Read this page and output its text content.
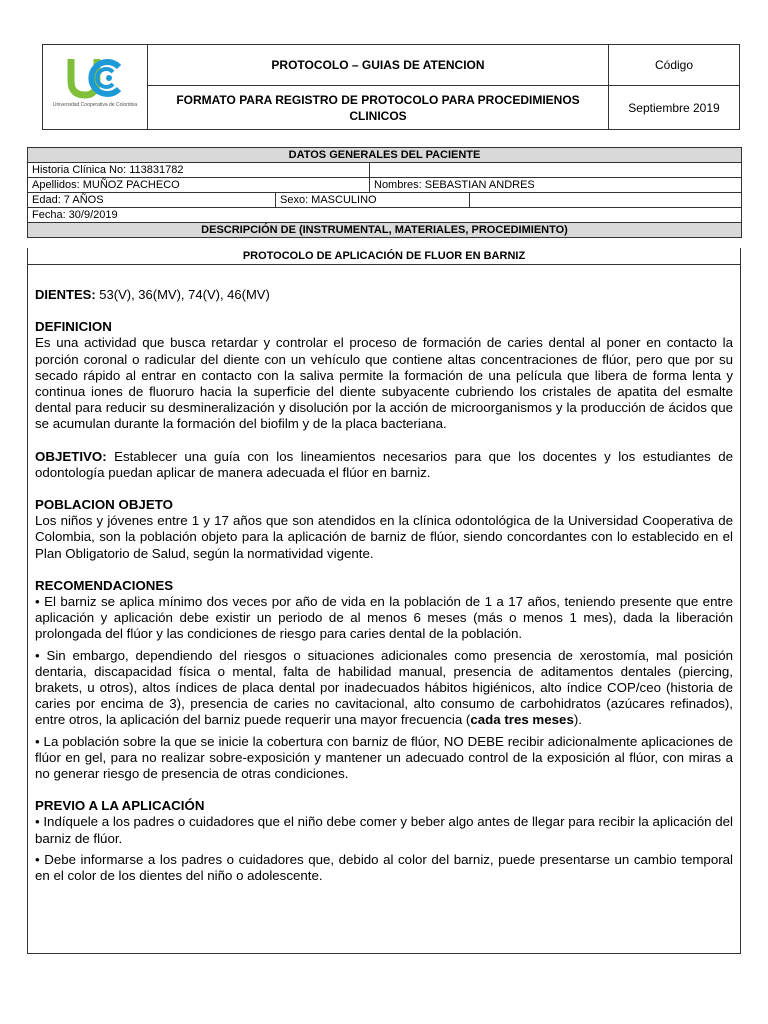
Universidad Cooperativa de Colombia	PROTOCOLO – GUIAS DE ATENCION	Código
	FORMATO PARA REGISTRO DE PROTOCOLO PARA PROCEDIMIENOS CLINICOS	Septiembre 2019
DATOS GENERALES DEL PACIENTE			
Historia Clínica No: 113831782			
Apellidos: MUÑOZ PACHECO		Nombres: SEBASTIAN ANDRES	
Edad: 7 AÑOS	Sexo: MASCULINO		
Fecha: 30/9/2019			
DESCRIPCIÓN DE (INSTRUMENTAL, MATERIALES, PROCEDIMIENTO)			
PROTOCOLO DE APLICACIÓN DE FLUOR EN BARNIZ

DIENTES: 53(V), 36(MV), 74(V), 46(MV)

DEFINICION

Es una actividad que busca retardar y controlar el proceso de formación de caries dental al poner en contacto la porción coronal o radicular del diente con un vehículo que contiene altas concentraciones de flúor, pero que por su secado rápido al entrar en contacto con la saliva permite la formación de una película que libera de forma lenta y continua iones de fluoruro hacia la superficie del diente subyacente cubriendo los cristales de apatita del esmalte dental para reducir su desmineralización y disolución por la acción de microorganismos y la producción de ácidos que se acumulan durante la formación del biofilm y de la placa bacteriana.

OBJETIVO: Establecer una guía con los lineamientos necesarios para que los docentes y los estudiantes de odontología puedan aplicar de manera adecuada el flúor en barniz.

POBLACION OBJETO

Los niños y jóvenes entre 1 y 17 años que son atendidos en la clínica odontológica de la Universidad Cooperativa de Colombia, son la población objeto para la aplicación de barniz de flúor, siendo concordantes con lo establecido en el Plan Obligatorio de Salud, según la normatividad vigente.

RECOMENDACIONES

• El barniz se aplica mínimo dos veces por año de vida en la población de 1 a 17 años, teniendo presente que entre aplicación y aplicación debe existir un periodo de al menos 6 meses (más o menos 1 mes), dada la liberación prolongada del flúor y las condiciones de riesgo para caries dental de la población.

• Sin embargo, dependiendo del riesgos o situaciones adicionales como presencia de xerostomía, mal posición dentaria, discapacidad física o mental, falta de habilidad manual, presencia de aditamentos dentales (piercing, brakets, u otros), altos índices de placa dental por inadecuados hábitos higiénicos, alto índice COP/ceo (historia de caries por encima de 3), presencia de caries no cavitacional, alto consumo de carbohidratos (azúcares refinados), entre otros, la aplicación del barniz puede requerir una mayor frecuencia (cada tres meses).

• La población sobre la que se inicie la cobertura con barniz de flúor, NO DEBE recibir adicionalmente aplicaciones de flúor en gel, para no realizar sobre-exposición y mantener un adecuado control de la exposición al flúor, con miras a no generar riesgo de presencia de otras condiciones.

PREVIO A LA APLICACIÓN

• Indíquele a los padres o cuidadores que el niño debe comer y beber algo antes de llegar para recibir la aplicación del barniz de flúor.

• Debe informarse a los padres o cuidadores que, debido al color del barniz, puede presentarse un cambio temporal en el color de los dientes del niño o adolescente.
